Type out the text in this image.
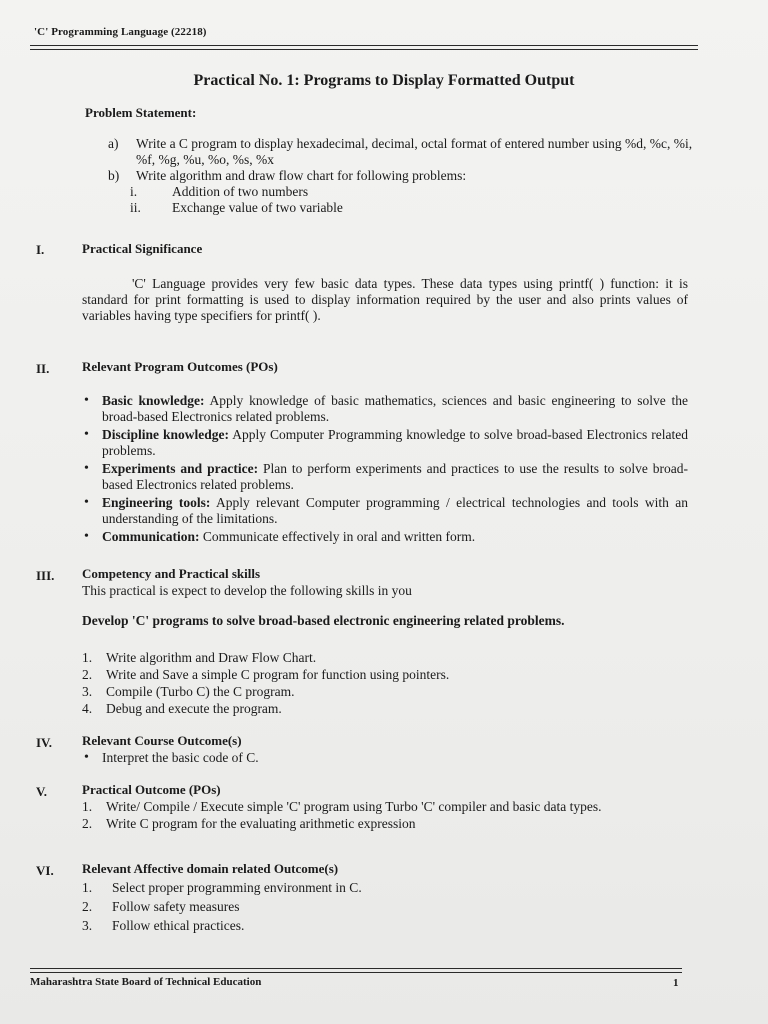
'C' Programming Language (22218)
Practical No. 1: Programs to Display Formatted Output
Problem Statement:
a)	Write a C program to display hexadecimal, decimal, octal format of entered number using %d, %c, %i, %f, %g, %u, %o, %s, %x
b)	Write algorithm and draw flow chart for following problems:
i.	Addition of two numbers
ii.	Exchange value of two variable
I.	Practical Significance
'C' Language provides very few basic data types. These data types using printf( ) function: it is standard for print formatting is used to display information required by the user and also prints values of variables having type specifiers for printf( ).
II.	Relevant Program Outcomes (POs)
• Basic knowledge: Apply knowledge of basic mathematics, sciences and basic engineering to solve the broad-based Electronics related problems.
• Discipline knowledge: Apply Computer Programming knowledge to solve broad-based Electronics related problems.
• Experiments and practice: Plan to perform experiments and practices to use the results to solve broad-based Electronics related problems.
• Engineering tools: Apply relevant Computer programming / electrical technologies and tools with an understanding of the limitations.
• Communication: Communicate effectively in oral and written form.
III. Competency and Practical skills
This practical is expect to develop the following skills in you
Develop 'C' programs to solve broad-based electronic engineering related problems.
1.	Write algorithm and Draw Flow Chart.
2.	Write and Save a simple C program for function using pointers.
3.	Compile (Turbo C) the C program.
4.	Debug and execute the program.
IV. Relevant Course Outcome(s)
• Interpret the basic code of C.
V.	Practical Outcome (POs)
1.	Write/ Compile / Execute simple 'C' program using Turbo 'C' compiler and basic data types.
2.	Write C program for the evaluating arithmetic expression
VI. Relevant Affective domain related Outcome(s)
1.	Select proper programming environment in C.
2.	Follow safety measures
3.	Follow ethical practices.
Maharashtra State Board of Technical Education	1
